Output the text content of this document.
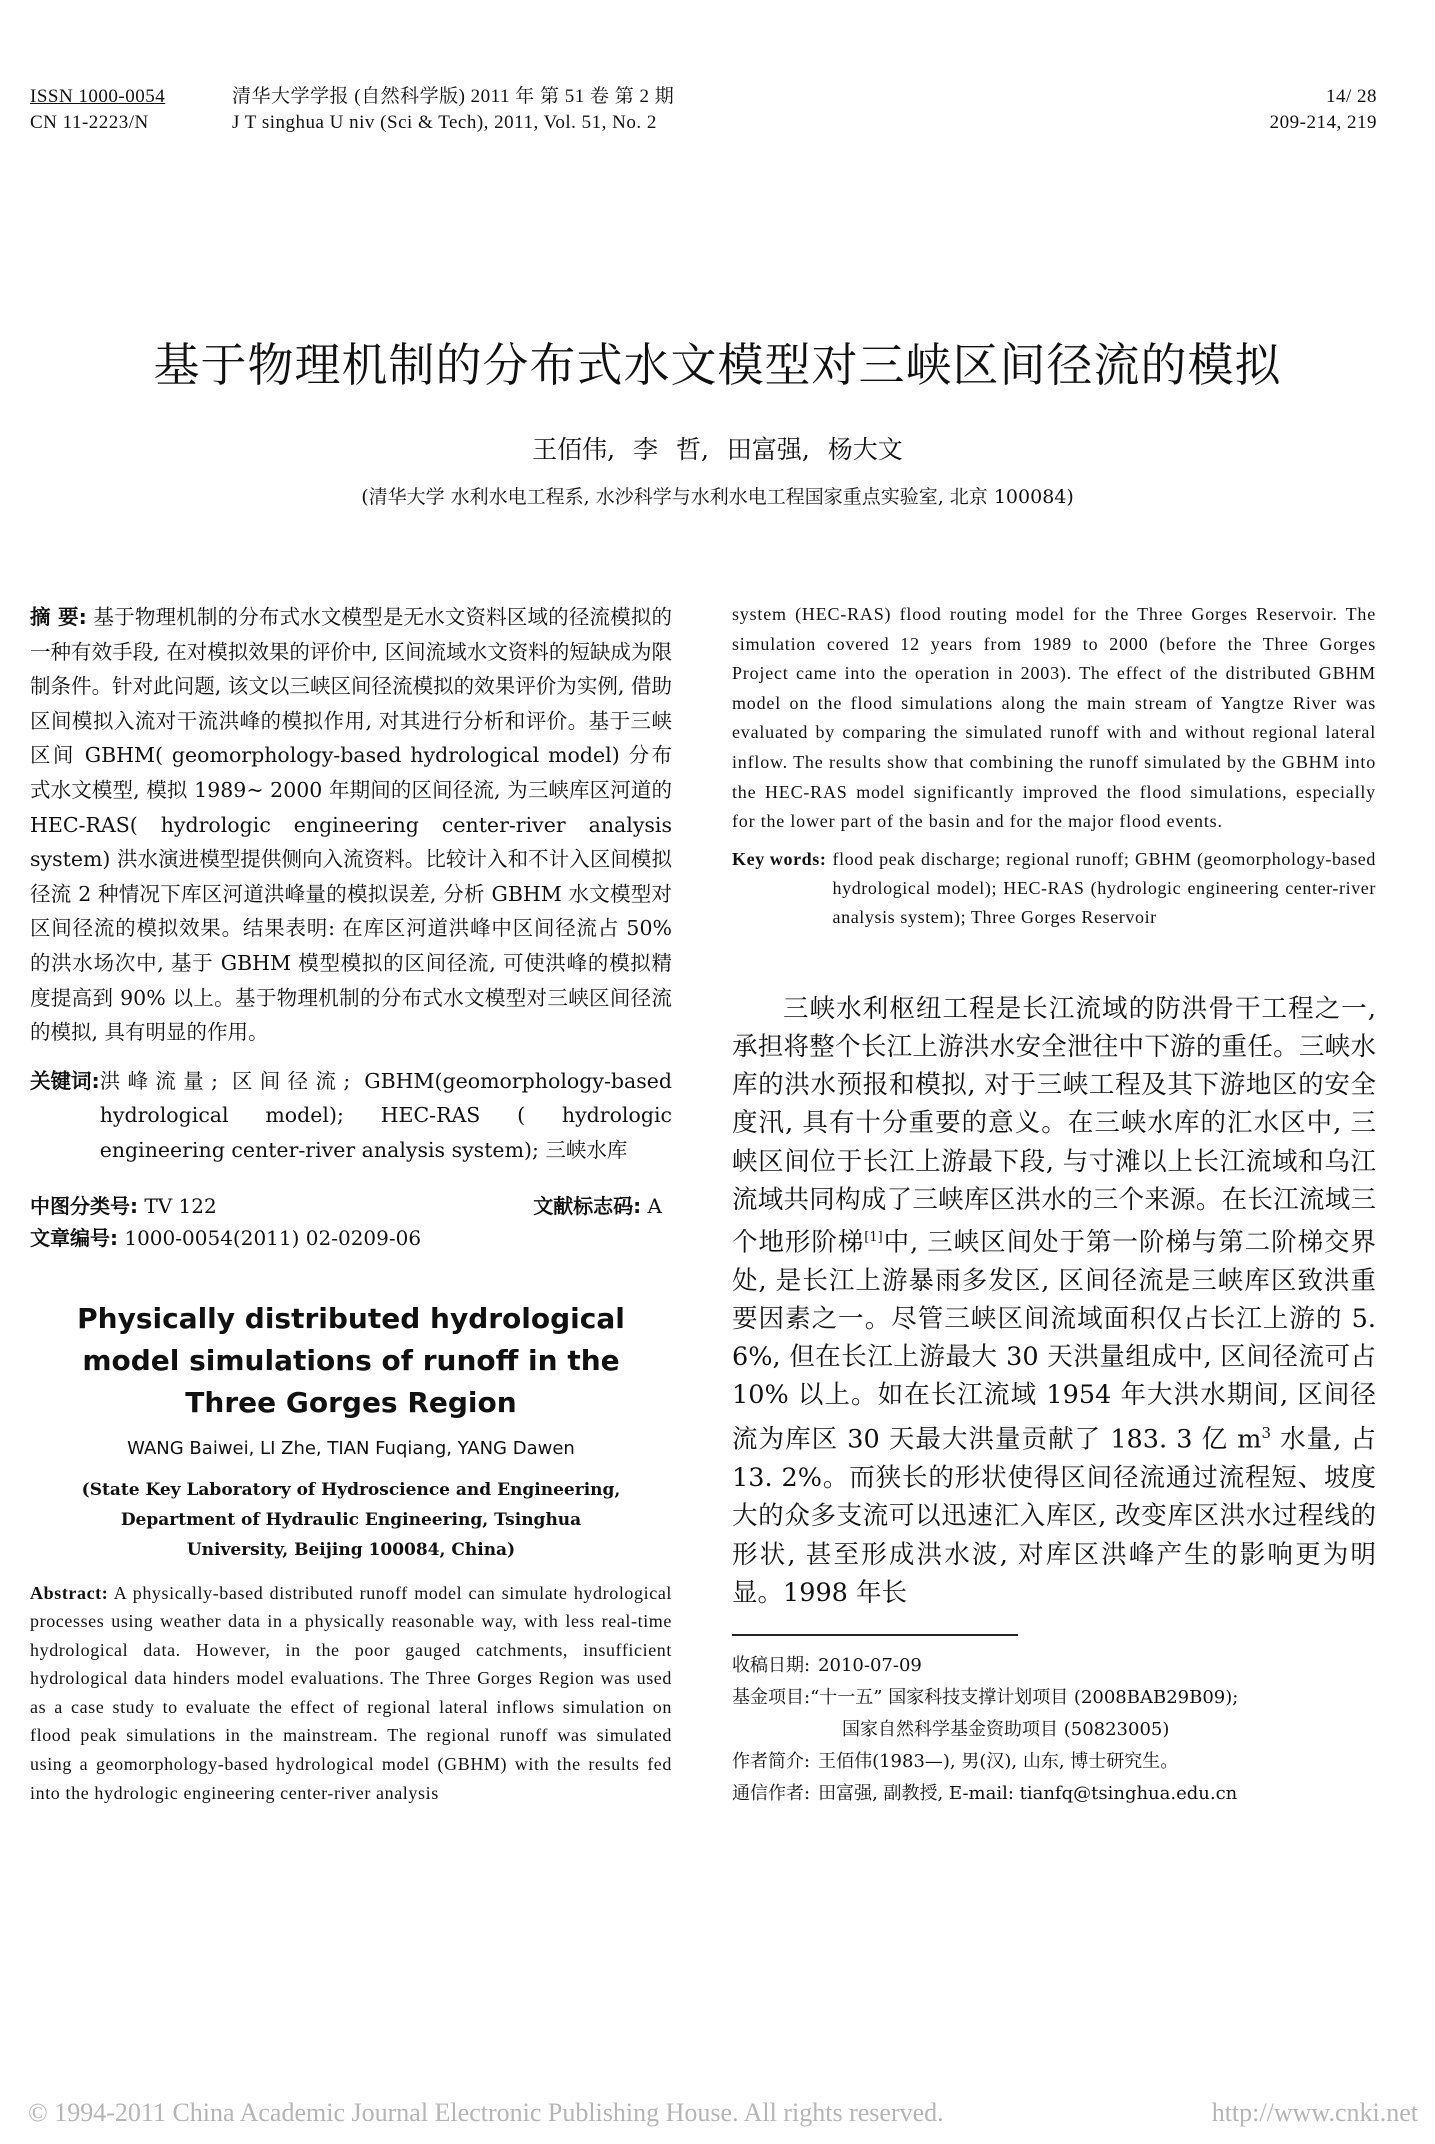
ISSN 1000-0054
CN 11-2223/N
清华大学学报 (自然科学版) 2011 年 第 51 卷 第 2 期
J T singhua U niv (Sci & Tech), 2011, Vol. 51, No. 2
14/ 28
209-214, 219
基于物理机制的分布式水文模型对三峡区间径流的模拟
王佰伟, 李 哲, 田富强, 杨大文
(清华大学 水利水电工程系, 水沙科学与水利水电工程国家重点实验室, 北京 100084)
摘 要: 基于物理机制的分布式水文模型是无水文资料区域的径流模拟的一种有效手段, 在对模拟效果的评价中, 区间流域水文资料的短缺成为限制条件。针对此问题, 该文以三峡区间径流模拟的效果评价为实例, 借助区间模拟入流对干流洪峰的模拟作用, 对其进行分析和评价。基于三峡区间 GBHM( geomorphology-based hydrological model) 分布式水文模型, 模拟 1989~ 2000 年期间的区间径流, 为三峡库区河道的 HEC-RAS( hydrologic engineering center-river analysis system) 洪水演进模型提供侧向入流资料。比较计入和不计入区间模拟径流 2 种情况下库区河道洪峰量的模拟误差, 分析 GBHM 水文模型对区间径流的模拟效果。结果表明: 在库区河道洪峰中区间径流占 50% 的洪水场次中, 基于 GBHM 模型模拟的区间径流, 可使洪峰的模拟精度提高到 90% 以上。基于物理机制的分布式水文模型对三峡区间径流的模拟, 具有明显的作用。
关键词: 洪峰流量; 区间径流; GBHM(geomorphology-based hydrological model); HEC-RAS ( hydrologic engineering center-river analysis system); 三峡水库
中图分类号: TV 122	文献标志码: A
文章编号: 1000-0054(2011) 02-0209-06
Physically distributed hydrological model simulations of runoff in the Three Gorges Region
WANG Baiwei, LI Zhe, TIAN Fuqiang, YANG Dawen
(State Key Laboratory of Hydroscience and Engineering, Department of Hydraulic Engineering, Tsinghua University, Beijing 100084, China)
Abstract: A physically-based distributed runoff model can simulate hydrological processes using weather data in a physically reasonable way, with less real-time hydrological data. However, in the poor gauged catchments, insufficient hydrological data hinders model evaluations. The Three Gorges Region was used as a case study to evaluate the effect of regional lateral inflows simulation on flood peak simulations in the mainstream. The regional runoff was simulated using a geomorphology-based hydrological model (GBHM) with the results fed into the hydrologic engineering center-river analysis
system (HEC-RAS) flood routing model for the Three Gorges Reservoir. The simulation covered 12 years from 1989 to 2000 (before the Three Gorges Project came into the operation in 2003). The effect of the distributed GBHM model on the flood simulations along the main stream of Yangtze River was evaluated by comparing the simulated runoff with and without regional lateral inflow. The results show that combining the runoff simulated by the GBHM into the HEC-RAS model significantly improved the flood simulations, especially for the lower part of the basin and for the major flood events.
Key words: flood peak discharge; regional runoff; GBHM (geomorphology-based hydrological model); HEC-RAS (hydrologic engineering center-river analysis system); Three Gorges Reservoir
三峡水利枢纽工程是长江流域的防洪骨干工程之一, 承担将整个长江上游洪水安全泄往中下游的重任。三峡水库的洪水预报和模拟, 对于三峡工程及其下游地区的安全度汛, 具有十分重要的意义。在三峡水库的汇水区中, 三峡区间位于长江上游最下段, 与寸滩以上长江流域和乌江流域共同构成了三峡库区洪水的三个来源。在长江流域三个地形阶梯[1]中, 三峡区间处于第一阶梯与第二阶梯交界处, 是长江上游暴雨多发区, 区间径流是三峡库区致洪重要因素之一。尽管三峡区间流域面积仅占长江上游的 5. 6%, 但在长江上游最大 30 天洪量组成中, 区间径流可占 10% 以上。如在长江流域 1954 年大洪水期间, 区间径流为库区 30 天最大洪量贡献了 183. 3 亿 $m^3$ 水量, 占 13. 2%。而狭长的形状使得区间径流通过流程短、坡度大的众多支流可以迅速汇入库区, 改变库区洪水过程线的形状, 甚至形成洪水波, 对库区洪峰产生的影响更为明显。1998 年长
收稿日期: 2010-07-09
基金项目: “十一五” 国家科技支撑计划项目 (2008BAB29B09);
国家自然科学基金资助项目 (50823005)
作者简介: 王佰伟(1983—), 男(汉), 山东, 博士研究生。
通信作者: 田富强, 副教授, E-mail: tianfq@tsinghua.edu.cn
© 1994-2011 China Academic Journal Electronic Publishing House. All rights reserved.	http://www.cnki.net
